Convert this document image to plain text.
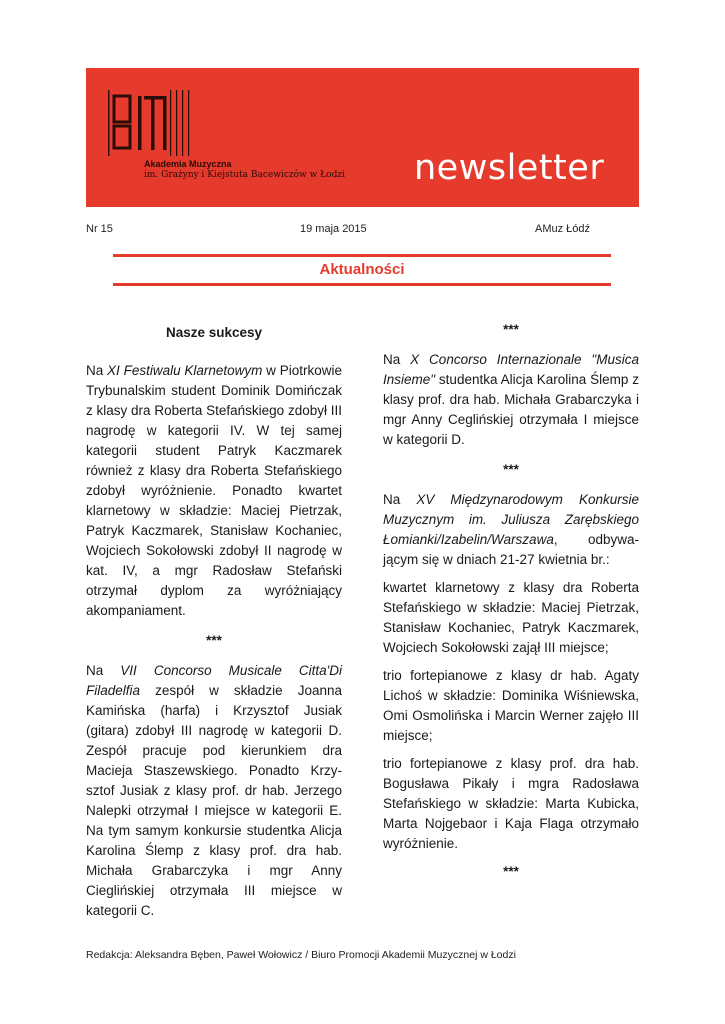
Akademia Muzyczna
im. Grażyny i Kiejstuta Bacewiczów w Łodzi newsletter
Nr 15	19 maja 2015	AMuz Łódź
Aktualności
Nasze sukcesy

Na XI Festiwalu Klarnetowym w Piotrkowie Trybunalskim student Dominik Domińczak z klasy dra Roberta Stefańskiego zdobył III nagrodę w kategorii IV. W tej samej kategorii student Patryk Kaczmarek również z klasy dra Roberta Stefańskiego zdobył wyróżnienie. Ponadto kwartet klarnetowy w składzie: Maciej Pietrzak, Patryk Kaczmarek, Stanisław Kochaniec, Wojciech Sokołowski zdobył II nagrodę w kat. IV, a mgr Radosław Stefański otrzymał dyplom za wyróżniający akompaniament.

***

Na VII Concorso Musicale Citta'Di Filadelfia zespół w składzie Joanna Kamińska (harfa) i Krzysztof Jusiak (gitara) zdobył III nagrodę w kategorii D. Zespół pracuje pod kierunkiem dra Macieja Staszewskiego. Ponadto Krzysztof Jusiak z klasy prof. dr hab. Jerzego Nalepki otrzymał I miejsce w kategorii E. Na tym samym konkursie studentka Alicja Karolina Ślemp z klasy prof. dra hab. Michała Grabarczyka i mgr Anny Cieglińskiej otrzymała III miejsce w kategorii C.

***

Na X Concorso Internazionale "Musica Insieme" studentka Alicja Karolina Ślemp z klasy prof. dra hab. Michała Grabarczyka i mgr Anny Ceglińskiej otrzymała I miejsce w kategorii D.

***

Na XV Międzynarodowym Konkursie Muzycznym im. Juliusza Zarębskiego Łomianki/Izabelin/Warszawa, odbywającym się w dniach 21-27 kwietnia br.:

kwartet klarnetowy z klasy dra Roberta Stefańskiego w składzie: Maciej Pietrzak, Stanisław Kochaniec, Patryk Kaczmarek, Wojciech Sokołowski zajął III miejsce;

trio fortepianowe z klasy dr hab. Agaty Lichoś w składzie: Dominika Wiśniewska, Omi Osmolińska i Marcin Werner zajęło III miejsce;

trio fortepianowe z klasy prof. dra hab. Bogusława Pikały i mgra Radosława Stefańskiego w składzie: Marta Kubicka, Marta Nojgebaor i Kaja Flaga otrzymało wyróżnienie.

***
Redakcja: Aleksandra Bęben, Paweł Wołowicz / Biuro Promocji Akademii Muzycznej w Łodzi
